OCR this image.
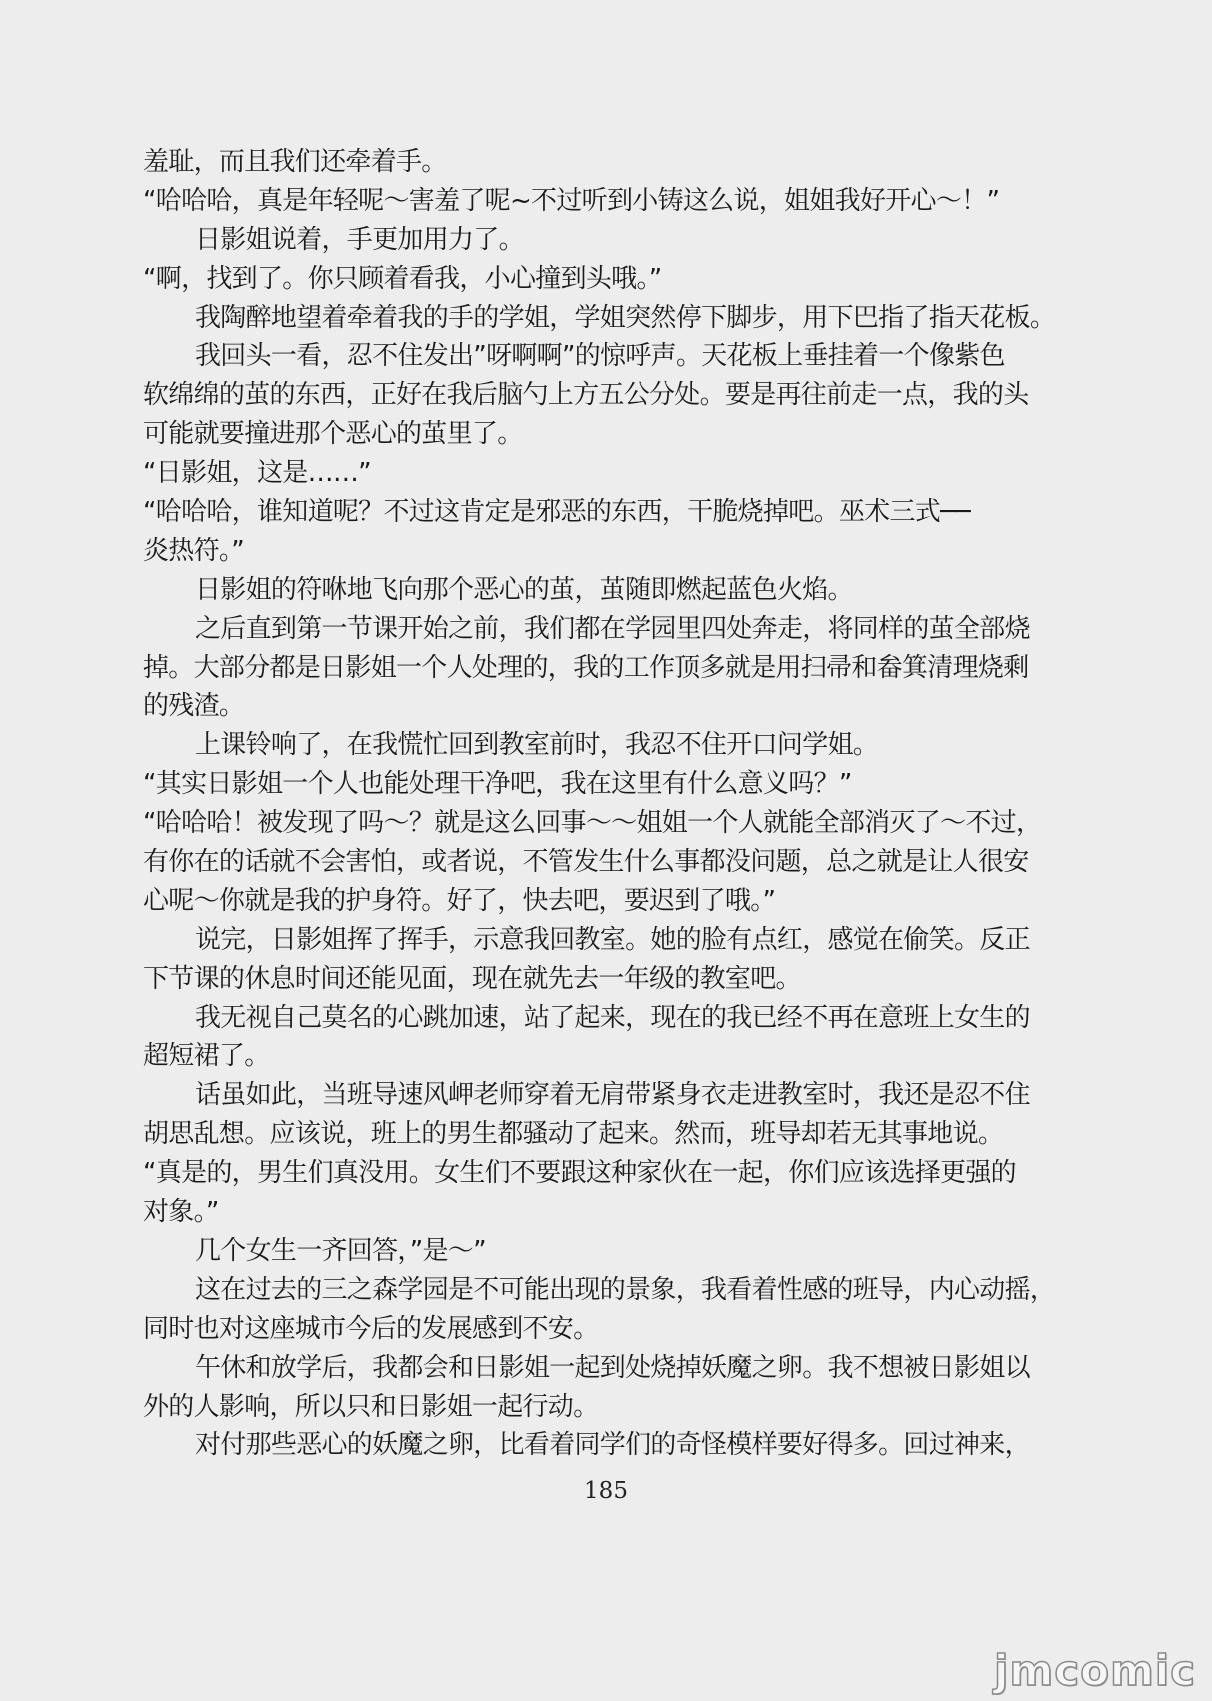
羞耻，而且我们还牵着手。
“哈哈哈，真是年轻呢～害羞了呢~不过听到小铸这么说，姐姐我好开心～！”
日影姐说着，手更加用力了。
“啊，找到了。你只顾着看我，小心撞到头哦。”
我陶醉地望着牵着我的手的学姐，学姐突然停下脚步，用下巴指了指天花板。
我回头一看，忍不住发出”呀啊啊”的惊呼声。天花板上垂挂着一个像紫色
软绵绵的茧的东西，正好在我后脑勺上方五公分处。要是再往前走一点，我的头
可能就要撞进那个恶心的茧里了。
“日影姐，这是……”
“哈哈哈，谁知道呢？不过这肯定是邪恶的东西，干脆烧掉吧。巫术三式──
炎热符。”
日影姐的符咻地飞向那个恶心的茧，茧随即燃起蓝色火焰。
之后直到第一节课开始之前，我们都在学园里四处奔走，将同样的茧全部烧
掉。大部分都是日影姐一个人处理的，我的工作顶多就是用扫帚和畚箕清理烧剩
的残渣。
上课铃响了，在我慌忙回到教室前时，我忍不住开口问学姐。
“其实日影姐一个人也能处理干净吧，我在这里有什么意义吗？”
“哈哈哈！被发现了吗～？就是这么回事～～姐姐一个人就能全部消灭了～不过，
有你在的话就不会害怕，或者说，不管发生什么事都没问题，总之就是让人很安
心呢～你就是我的护身符。好了，快去吧，要迟到了哦。”
说完，日影姐挥了挥手，示意我回教室。她的脸有点红，感觉在偷笑。反正
下节课的休息时间还能见面，现在就先去一年级的教室吧。
我无视自己莫名的心跳加速，站了起来，现在的我已经不再在意班上女生的
超短裙了。
话虽如此，当班导速风岬老师穿着无肩带紧身衣走进教室时，我还是忍不住
胡思乱想。应该说，班上的男生都骚动了起来。然而，班导却若无其事地说。
“真是的，男生们真没用。女生们不要跟这种家伙在一起，你们应该选择更强的
对象。”
几个女生一齐回答，”是～”
这在过去的三之森学园是不可能出现的景象，我看着性感的班导，内心动摇，
同时也对这座城市今后的发展感到不安。
午休和放学后，我都会和日影姐一起到处烧掉妖魔之卵。我不想被日影姐以
外的人影响，所以只和日影姐一起行动。
对付那些恶心的妖魔之卵，比看着同学们的奇怪模样要好得多。回过神来，
185
jmcomic
